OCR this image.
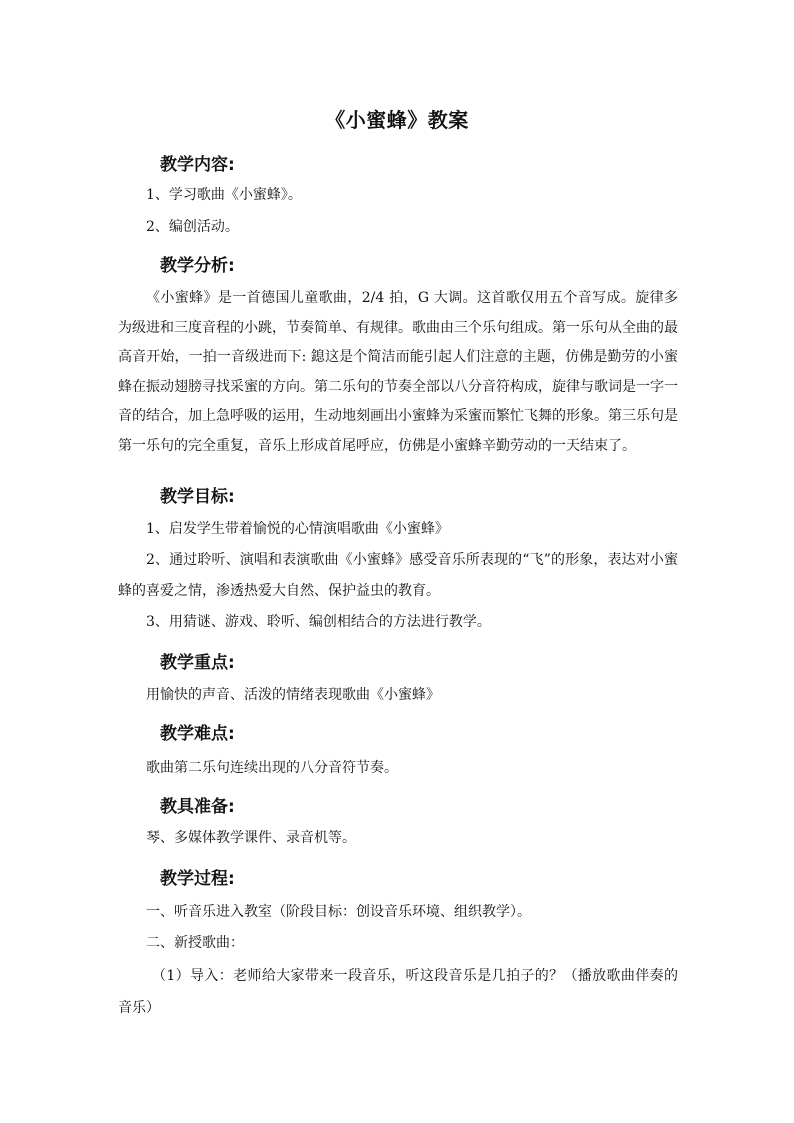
《小蜜蜂》教案
教学内容:
1、学习歌曲《小蜜蜂》。
2、编创活动。
教学分析:
《小蜜蜂》是一首德国儿童歌曲，2/4 拍，G 大调。这首歌仅用五个音写成。旋律多为级进和三度音程的小跳，节奏简单、有规律。歌曲由三个乐句组成。第一乐句从全曲的最高音开始，一拍一音级进而下: 鎴这是个简洁而能引起人们注意的主题，仿佛是勤劳的小蜜蜂在振动翅膀寻找采蜜的方向。第二乐句的节奏全部以八分音符构成，旋律与歌词是一字一音的结合，加上急呼吸的运用，生动地刻画出小蜜蜂为采蜜而繁忙飞舞的形象。第三乐句是第一乐句的完全重复，音乐上形成首尾呼应，仿佛是小蜜蜂辛勤劳动的一天结束了。
教学目标:
1、启发学生带着愉悦的心情演唱歌曲《小蜜蜂》
2、通过聆听、演唱和表演歌曲《小蜜蜂》感受音乐所表现的“飞”的形象，表达对小蜜蜂的喜爱之情，渗透热爱大自然、保护益虫的教育。
3、用猜谜、游戏、聆听、编创相结合的方法进行教学。
教学重点:
用愉快的声音、活泼的情绪表现歌曲《小蜜蜂》
教学难点:
歌曲第二乐句连续出现的八分音符节奏。
教具准备:
琴、多媒体教学课件、录音机等。
教学过程:
一、听音乐进入教室（阶段目标：创设音乐环境、组织教学）。
二、新授歌曲：
（1）导入：老师给大家带来一段音乐，听这段音乐是几拍子的？（播放歌曲伴奏的音乐）
